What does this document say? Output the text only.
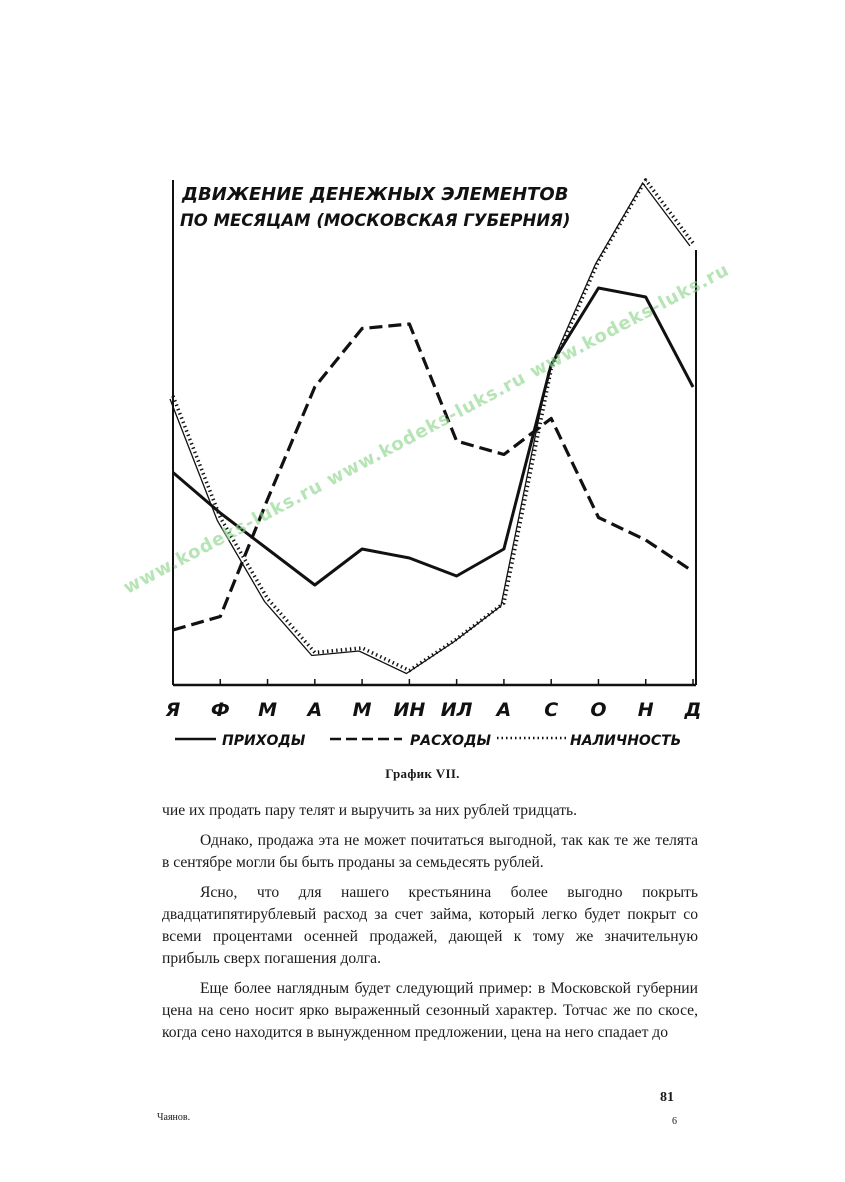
ДВИЖЕНИЕ ДЕНЕЖНЫХ ЭЛЕМЕНТОВ
ПО МЕСЯЦАМ (МОСКОВСКАЯ ГУБЕРНИЯ)
Я Ф М А М ИН ИЛ А С О Н Д
ПРИХОДЫ	РАСХОДЫ	НАЛИЧНОСТЬ
График VII.

чие их продать пару телят и выручить за них рублей тридцать.

Однако, продажа эта не может почитаться выгодной, так как те же телята в сентябре могли бы быть проданы за семьдесять рублей.

Ясно, что для нашего крестьянина более выгодно покрыть двадцатипятирублевый расход за счет займа, который легко будет покрыт со всеми процентами осенней продажей, дающей к тому же значительную прибыль сверх погашения долга.

Еще более наглядным будет следующий пример: в Московской губернии цена на сено носит ярко выраженный сезонный характер. Тотчас же по скосе, когда сено находится в вынужденном предложении, цена на него спадает до

81
Чаянов.	6
www.kodeks-luks.ru www.kodeks-luks.ru www.kodeks-luks.ru
